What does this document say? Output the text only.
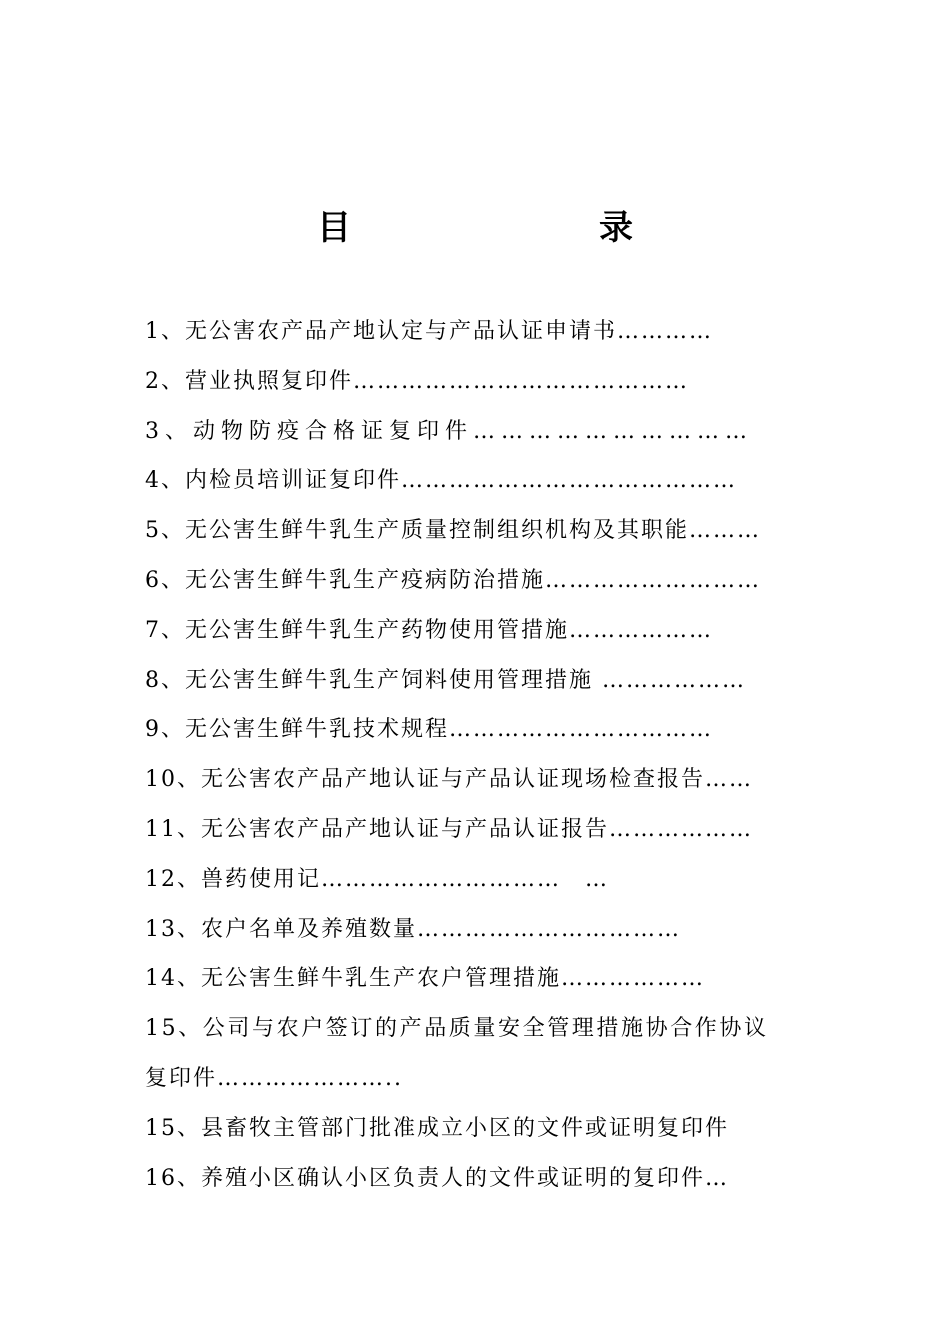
目　　录
1、无公害农产品产地认定与产品认证申请书…………
2、营业执照复印件……………………………………
3、动物防疫合格证复印件…………………………
4、内检员培训证复印件……………………………………
5、无公害生鲜牛乳生产质量控制组织机构及其职能………
6、无公害生鲜牛乳生产疫病防治措施………………………
7、无公害生鲜牛乳生产药物使用管措施………………
8、无公害生鲜牛乳生产饲料使用管理措施 ………………
9、无公害生鲜牛乳技术规程……………………………
10、无公害农产品产地认证与产品认证现场检查报告……
11、无公害农产品产地认证与产品认证报告………………
12、兽药使用记…………………………　…
13、农户名单及养殖数量……………………………
14、无公害生鲜牛乳生产农户管理措施………………
15、公司与农户签订的产品质量安全管理措施协合作协议
复印件…………………..
15、县畜牧主管部门批准成立小区的文件或证明复印件
16、养殖小区确认小区负责人的文件或证明的复印件…
